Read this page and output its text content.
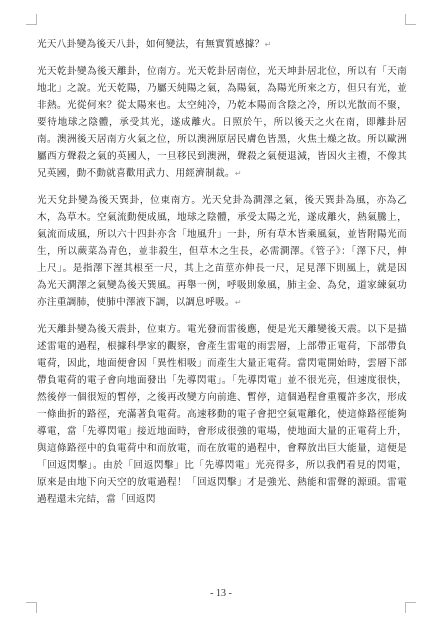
光天八卦變為後天八卦，如何變法，有無實質感據？↵

光天乾卦變為後天離卦，位南方。光天乾卦居南位，光天坤卦居北位，所以有「天南地北」之說。光天乾陽，乃屬天純陽之氣，為陽氣，為陽光所來之方，但只有光，並非熱。光從何來？從太陽來也。太空純冷，乃乾本陽而含陰之冷，所以光散而不聚，要待地球之陰體，承受其光，遂成離火。日照於午，所以後天之火在南，即離卦居南。澳洲後天居南方火氣之位，所以澳洲原居民膚色皆黑，火焦土燥之故。所以歐洲屬西方聲殺之氣的英國人，一旦移民到澳洲，聲殺之氣便退減，皆因火主禮，不像其兄英國，動不動就喜歡用武力、用經濟制裁。↵

光天兌卦變為後天巽卦，位東南方。光天兌卦為澗澤之氣，後天巽卦為風，亦為乙木，為草木。空氣流動便成風，地球之陰體，承受太陽之光，遂成離火，熱氣騰上，氣流而成風，所以六十四卦亦含「地風升」一卦，所有草木皆乘風氣，並皆附陽光而生，所以蕨菜為青色，並非殺生，但草木之生長，必需澗澤。《管子》：「澤下尺，伸上尺」。是指澤下溼其根至一尺，其上之苗莖亦伸長一尺，足見澤下則風上，就是因為光天澗澤之氣變為後天巽風。再舉一例，呼吸則象風，肺主金、為兌，道家練氣功亦注重調肺，使肺中澤液下調，以調息呼吸。↵

光天離卦變為後天震卦，位東方。電光發而雷後應，便是光天離變後天震。以下是描述雷電的過程，根據科學家的觀察，會產生雷電的雨雲層，上部帶正電荷，下部帶負電荷，因此，地面便會因「異性相吸」而產生大量正電荷。當閃電開始時，雲層下部帶負電荷的電子會向地面發出「先導閃電」。「先導閃電」並不很光亮，但速度很快，然後停一個很短的暫停，之後再改變方向前進、暫停，這個過程會重覆許多次，形成一條曲折的路徑，充滿著負電荷。高速移動的電子會把空氣電離化，使這條路徑能夠導電，當「先導閃電」接近地面時，會形成很強的電場，使地面大量的正電荷上升，與這條路徑中的負電荷中和而放電，而在放電的過程中，會釋放出巨大能量，這便是「回返閃擊」。由於「回返閃擊」比「先導閃電」光亮得多，所以我們看見的閃電，原來是由地下向天空的放電過程！「回返閃擊」才是強光、熱能和雷聲的源頭。雷電過程還未完結，當「回返閃

- 13 -
